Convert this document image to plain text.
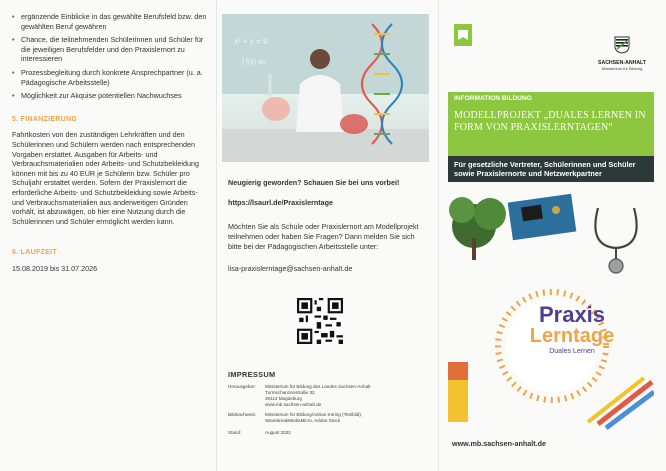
• ergänzende Einblicke in das gewählte Berufsfeld bzw. den gewählten Beruf gewähren
• Chance, die teilnehmenden Schülerinnen und Schüler für die jeweiligen Berufsfelder und den Praxislernort zu interessieren
• Prozessbegleitung durch konkrete Ansprechpartner (u. a. Pädagogische Arbeitsstelle)
• Möglichkeit zur Akquise potentiellen Nachwuchses
5. FINANZIERUNG

Fahrtkosten von den zuständigen Lehrkräften und den Schülerinnen und Schülern werden nach entsprechenden Vorgaben erstattet. Ausgaben für Arbeits- und Verbrauchsmaterialien oder Arbeits- und Schutzbekleidung können mit bis zu 40 EUR je Schülerin bzw. Schüler pro Schuljahr erstattet werden. Sofern der Praxislernort die erforderliche Arbeits- und Schutzbekleidung sowie Arbeits- und Verbrauchsmaterialien aus anderweitigen Gründen vorhält, ist abzuwägen, ob hier eine Nutzung durch die Schülerinnen und Schüler ermöglicht werden kann.

6. LAUFZEIT

15.08.2019 bis 31.07.2026

x² + y = 9
∫ f(x) dx
Neugierig geworden? Schauen Sie bei uns vorbei!
https://lsaurl.de/Praxislerntage
Möchten Sie als Schule oder Praxislernort am Modellprojekt teilnehmen oder haben Sie Fragen? Dann melden Sie sich bitte bei der Pädagogischen Arbeitsstelle unter:
lisa-praxislerntage@sachsen-anhalt.de
IMPRESSUM
Herausgeber:	Ministerium für Bildung des Landes Sachsen-Anhalt
Turmschanzenstraße 32
39114 Magdeburg
www.mb.sachsen-anhalt.de
Bildnachweis:	Ministerium für Bildung/Adrian Köring (Titelbild);
WavebreakMediaMicro, Adobe Stock
Stand:	August 2022
SACHSEN-ANHALT
Ministerium für Bildung
INFORMATION BILDUNG
MODELLPROJEKT „DUALES LERNEN IN FORM VON PRAXISLERNTAGEN“
Für gesetzliche Vertreter, Schülerinnen und Schüler sowie Praxislernorte und Netzwerkpartner
Praxis
Lerntage
Duales Lernen
www.mb.sachsen-anhalt.de
